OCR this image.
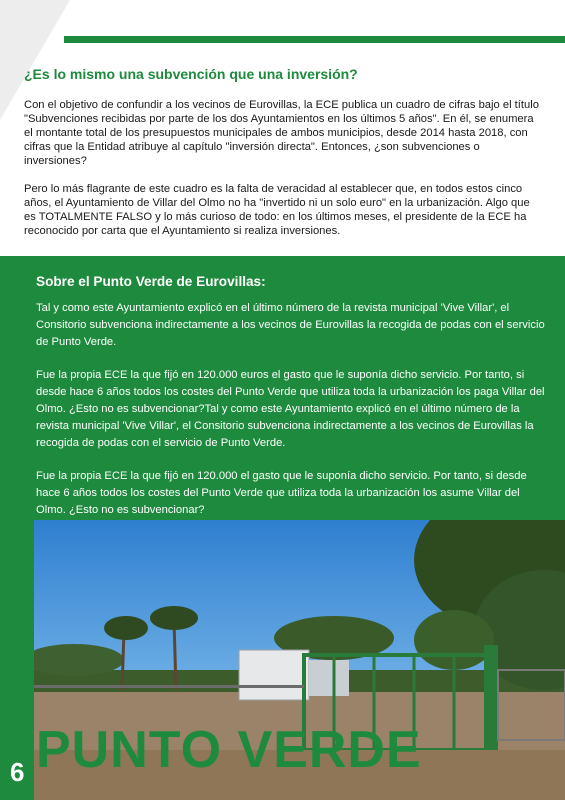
¿Es lo mismo una subvención que una inversión?

Con el objetivo de confundir a los vecinos de Eurovillas, la ECE publica un cuadro de cifras bajo el título "Subvenciones recibidas por parte de los dos Ayuntamientos en los últimos 5 años". En él, se enumera el montante total de los presupuestos municipales de ambos municipios, desde 2014 hasta 2018, con cifras que la Entidad atribuye al capítulo "inversión directa". Entonces, ¿son subvenciones o inversiones?

Pero lo más flagrante de este cuadro es la falta de veracidad al establecer que, en todos estos cinco años, el Ayuntamiento de Villar del Olmo no ha "invertido ni un solo euro" en la urbanización. Algo que es TOTALMENTE FALSO y lo más curioso de todo: en los últimos meses, el presidente de la ECE ha reconocido por carta que el Ayuntamiento si realiza inversiones.

Sobre el Punto Verde de Eurovillas:

Tal y como este Ayuntamiento explicó en el último número de la revista municipal 'Vive Villar', el Consitorio subvenciona indirectamente a los vecinos de Eurovillas la recogida de podas con el servicio de Punto Verde.

Fue la propia ECE la que fijó en 120.000 euros el gasto que le suponía dicho servicio. Por tanto, si desde hace 6 años todos los costes del Punto Verde que utiliza toda la urbanización los paga Villar del Olmo. ¿Esto no es subvencionar?Tal y como este Ayuntamiento explicó en el último número de la revista municipal 'Vive Villar', el Consitorio subvenciona indirectamente a los vecinos de Eurovillas la recogida de podas con el servicio de Punto Verde.

Fue la propia ECE la que fijó en 120.000 el gasto que le suponía dicho servicio. Por tanto, si desde hace 6 años todos los costes del Punto Verde que utiliza toda la urbanización los asume Villar del Olmo. ¿Esto no es subvencionar?

PUNTO VERDE
6
